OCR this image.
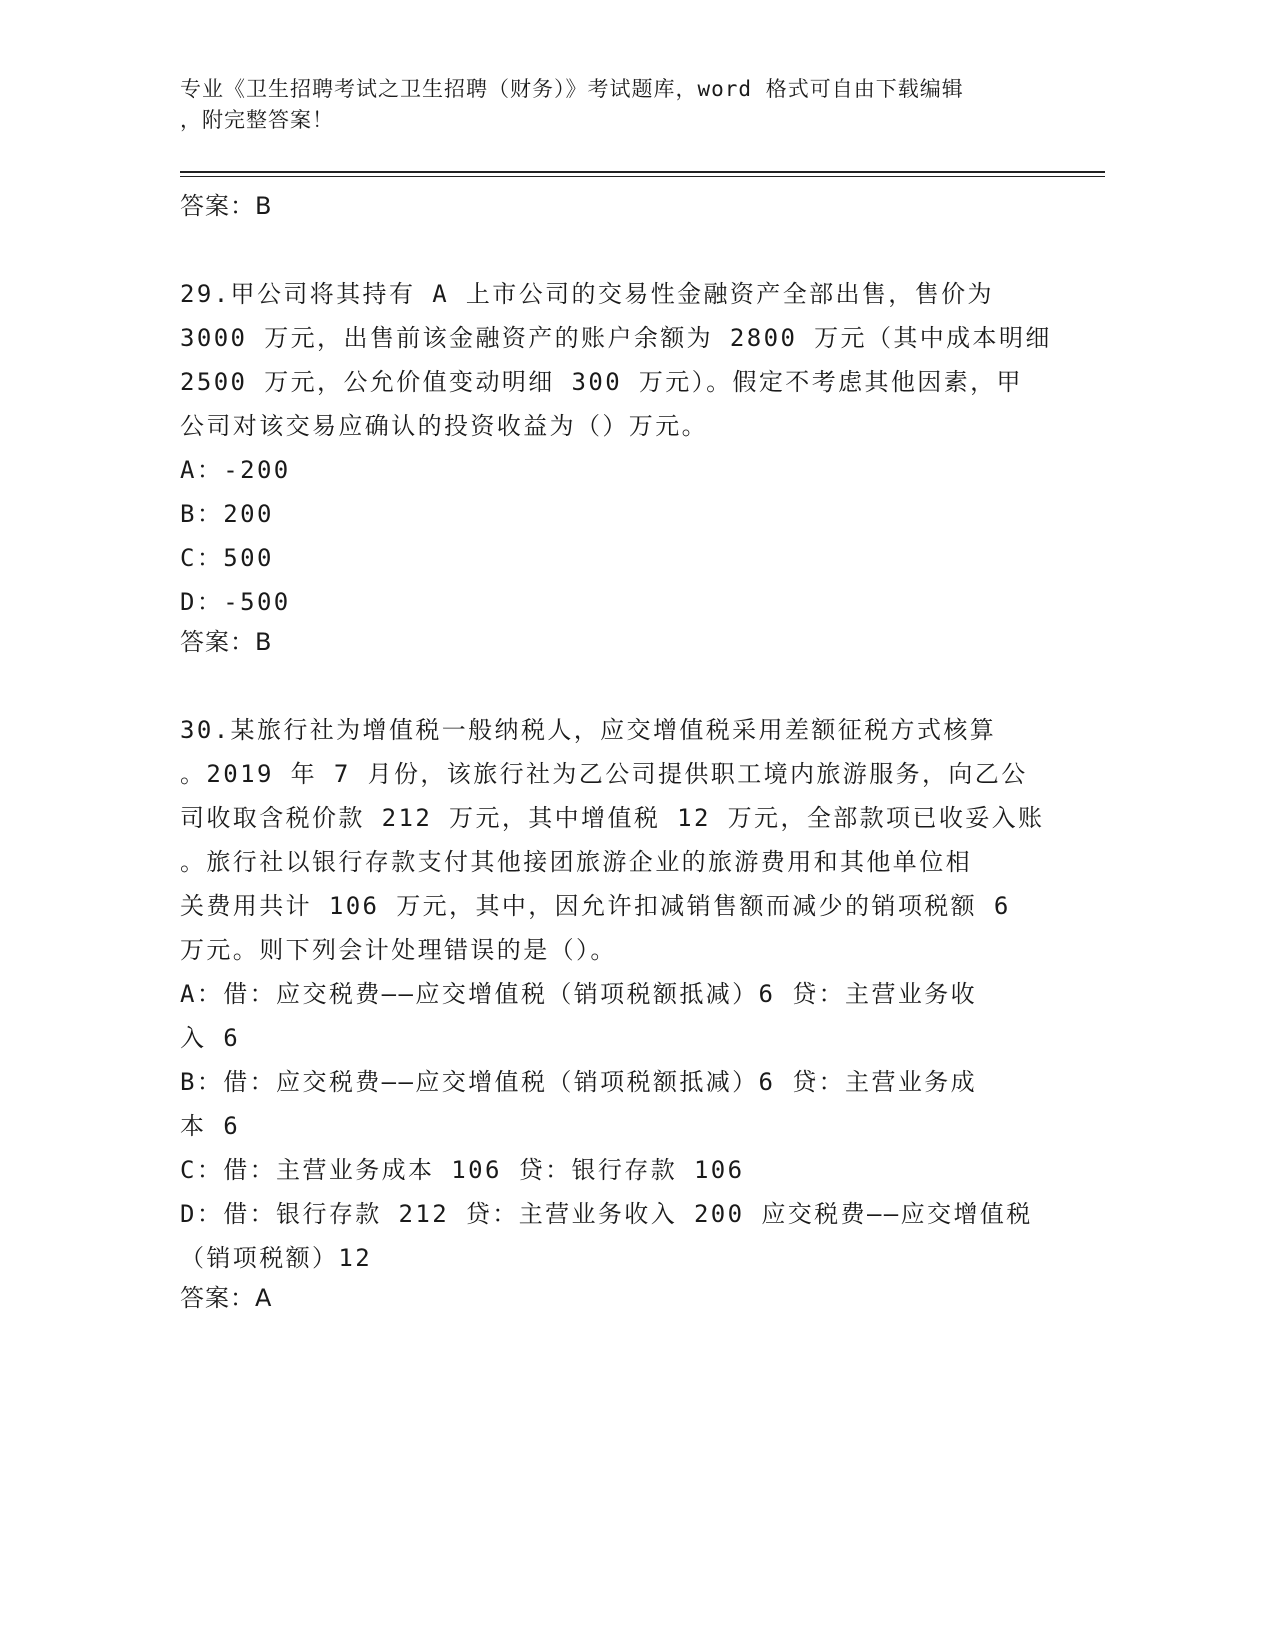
专业《卫生招聘考试之卫生招聘（财务）》考试题库，word 格式可自由下载编辑
，附完整答案！
答案：B
29.甲公司将其持有 A 上市公司的交易性金融资产全部出售，售价为
3000 万元，出售前该金融资产的账户余额为 2800 万元（其中成本明细
2500 万元，公允价值变动明细 300 万元）。假定不考虑其他因素，甲
公司对该交易应确认的投资收益为（）万元。
A：-200
B：200
C：500
D：-500
答案：B
30.某旅行社为增值税一般纳税人，应交增值税采用差额征税方式核算
。2019 年 7 月份，该旅行社为乙公司提供职工境内旅游服务，向乙公
司收取含税价款 212 万元，其中增值税 12 万元，全部款项已收妥入账
。旅行社以银行存款支付其他接团旅游企业的旅游费用和其他单位相
关费用共计 106 万元，其中，因允许扣减销售额而减少的销项税额 6
万元。则下列会计处理错误的是（）。
A：借：应交税费——应交增值税（销项税额抵减）6 贷：主营业务收
入 6
B：借：应交税费——应交增值税（销项税额抵减）6 贷：主营业务成
本 6
C：借：主营业务成本 106 贷：银行存款 106
D：借：银行存款 212 贷：主营业务收入 200 应交税费——应交增值税
（销项税额）12
答案：A
